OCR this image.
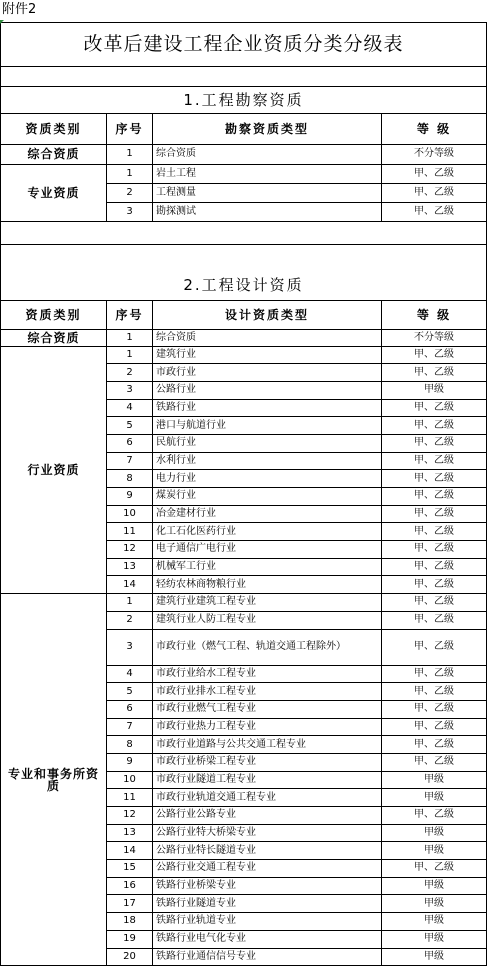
附件2

改革后建设工程企业资质分类分级表			

1.工程勘察资质			
资质类别	序号	勘察资质类型	等 级
综合资质	1	综合资质	不分等级
专业资质	1	岩土工程	甲、乙级
	2	工程测量	甲、乙级
	3	勘探测试	甲、乙级

2.工程设计资质			
资质类别	序号	设计资质类型	等 级
综合资质	1	综合资质	不分等级
行业资质	1	建筑行业	甲、乙级
	2	市政行业	甲、乙级
	3	公路行业	甲级
	4	铁路行业	甲、乙级
	5	港口与航道行业	甲、乙级
	6	民航行业	甲、乙级
	7	水利行业	甲、乙级
	8	电力行业	甲、乙级
	9	煤炭行业	甲、乙级
	10	冶金建材行业	甲、乙级
	11	化工石化医药行业	甲、乙级
	12	电子通信广电行业	甲、乙级
	13	机械军工行业	甲、乙级
	14	轻纺农林商物粮行业	甲、乙级
专业和事务所资质	1	建筑行业建筑工程专业	甲、乙级
	2	建筑行业人防工程专业	甲、乙级
	3	市政行业（燃气工程、轨道交通工程除外）	甲、乙级
	4	市政行业给水工程专业	甲、乙级
	5	市政行业排水工程专业	甲、乙级
	6	市政行业燃气工程专业	甲、乙级
	7	市政行业热力工程专业	甲、乙级
	8	市政行业道路与公共交通工程专业	甲、乙级
	9	市政行业桥梁工程专业	甲、乙级
	10	市政行业隧道工程专业	甲级
	11	市政行业轨道交通工程专业	甲级
	12	公路行业公路专业	甲、乙级
	13	公路行业特大桥梁专业	甲级
	14	公路行业特长隧道专业	甲级
	15	公路行业交通工程专业	甲、乙级
	16	铁路行业桥梁专业	甲级
	17	铁路行业隧道专业	甲级
	18	铁路行业轨道专业	甲级
	19	铁路行业电气化专业	甲级
	20	铁路行业通信信号专业	甲级
